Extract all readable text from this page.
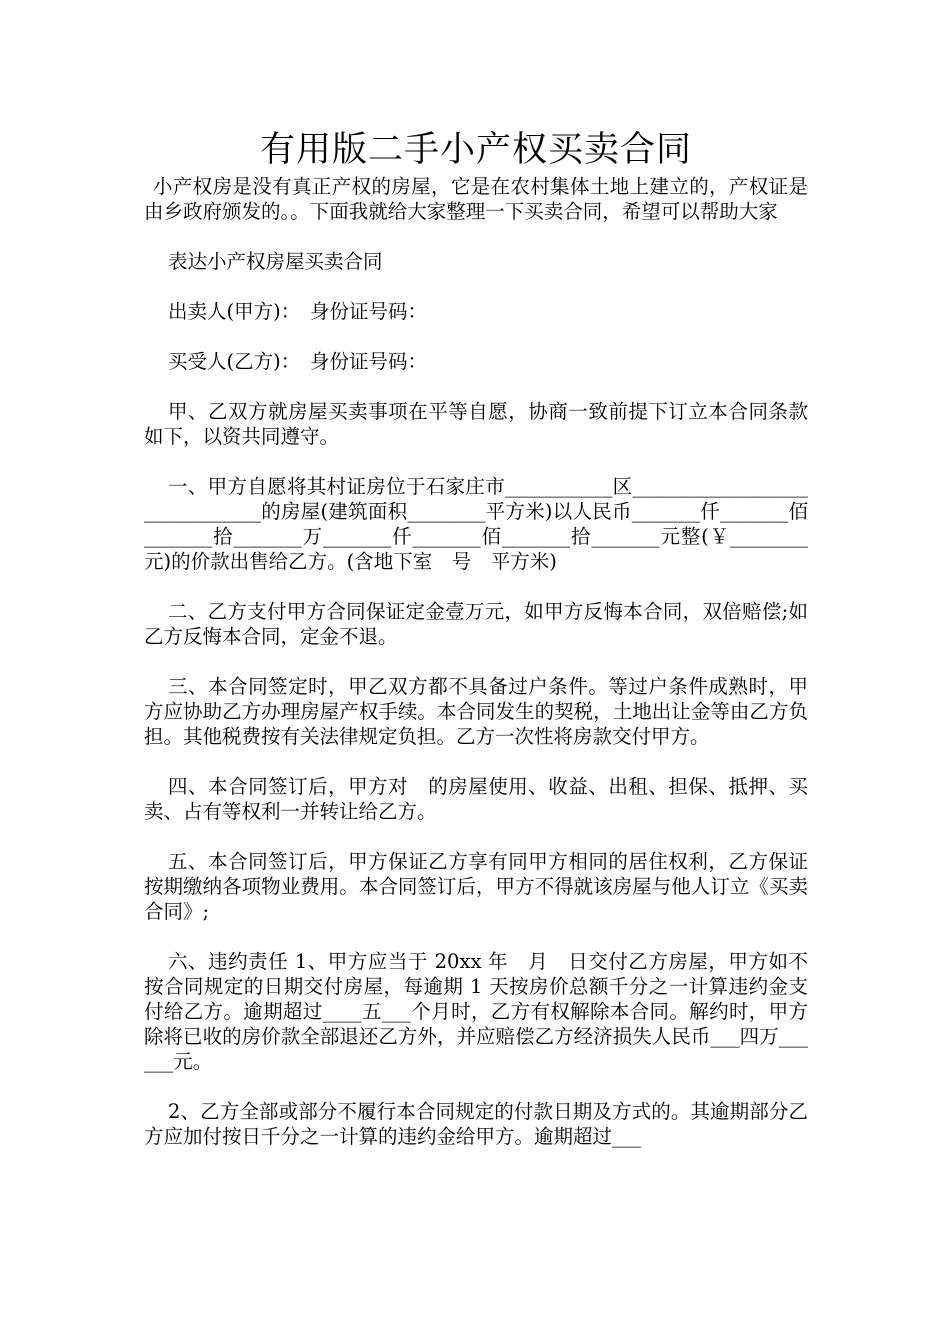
有用版二手小产权买卖合同

小产权房是没有真正产权的房屋，它是在农村集体土地上建立的，产权证是由乡政府颁发的。。下面我就给大家整理一下买卖合同，希望可以帮助大家

表达小产权房屋买卖合同

出卖人(甲方)：　身份证号码：

买受人(乙方)：　身份证号码：

甲、乙双方就房屋买卖事项在平等自愿，协商一致前提下订立本合同条款如下，以资共同遵守。

一、甲方自愿将其村证房位于石家庄市___________区______________________________的房屋(建筑面积________平方米)以人民币_______仟_______佰_______拾_______万_______仟_______佰_______拾_______元整(￥________ 元)的价款出售给乙方。(含地下室　号　平方米)

二、乙方支付甲方合同保证定金壹万元，如甲方反悔本合同，双倍赔偿;如乙方反悔本合同，定金不退。

三、本合同签定时，甲乙双方都不具备过户条件。等过户条件成熟时，甲方应协助乙方办理房屋产权手续。本合同发生的契税，土地出让金等由乙方负担。其他税费按有关法律规定负担。乙方一次性将房款交付甲方。

四、本合同签订后，甲方对　的房屋使用、收益、出租、担保、抵押、买卖、占有等权利一并转让给乙方。

五、本合同签订后，甲方保证乙方享有同甲方相同的居住权利，乙方保证按期缴纳各项物业费用。本合同签订后，甲方不得就该房屋与他人订立《买卖合同》;

六、违约责任 1、甲方应当于 20xx 年　月　日交付乙方房屋，甲方如不按合同规定的日期交付房屋，每逾期 1 天按房价总额千分之一计算违约金支付给乙方。逾期超过____五___个月时，乙方有权解除本合同。解约时，甲方除将已收的房价款全部退还乙方外，并应赔偿乙方经济损失人民币___四万______元。

2、乙方全部或部分不履行本合同规定的付款日期及方式的。其逾期部分乙方应加付按日千分之一计算的违约金给甲方。逾期超过___
